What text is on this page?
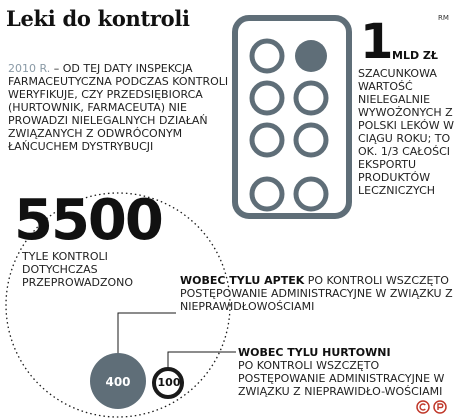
Leki do kontroli	RM
2010 R. – OD TEJ DATY INSPEKCJA FARMACEUTYCZNA PODCZAS KONTROLI WERYFIKUJE, CZY PRZEDSIĘBIORCA (HURTOWNIK, FARMACEUTA) NIE PROWADZI NIELEGALNYCH DZIAŁAŃ ZWIĄZANYCH Z ODWRÓCONYM ŁAŃCUCHEM DYSTRYBUCJI
1 MLD ZŁ
SZACUNKOWA WARTOŚĆ NIELEGALNIE WYWOŻONYCH Z POLSKI LEKÓW W CIĄGU ROKU; TO OK. 1/3 CAŁOŚCI EKSPORTU PRODUKTÓW LECZNICZYCH
5500
TYLE KONTROLI DOTYCHCZAS PRZEPROWADZONO	WOBEC TYLU APTEK PO KONTROLI WSZCZĘTO POSTĘPOWANIE ADMINISTRACYJNE W ZWIĄZKU Z NIEPRAWIDŁOWOŚCIAMI
WOBEC TYLU HURTOWNI
PO KONTROLI WSZCZĘTO POSTĘPOWANIE ADMINISTRACYJNE W ZWIĄZKU Z NIEPRAWIDŁO-WOŚCIAMI
400	100
